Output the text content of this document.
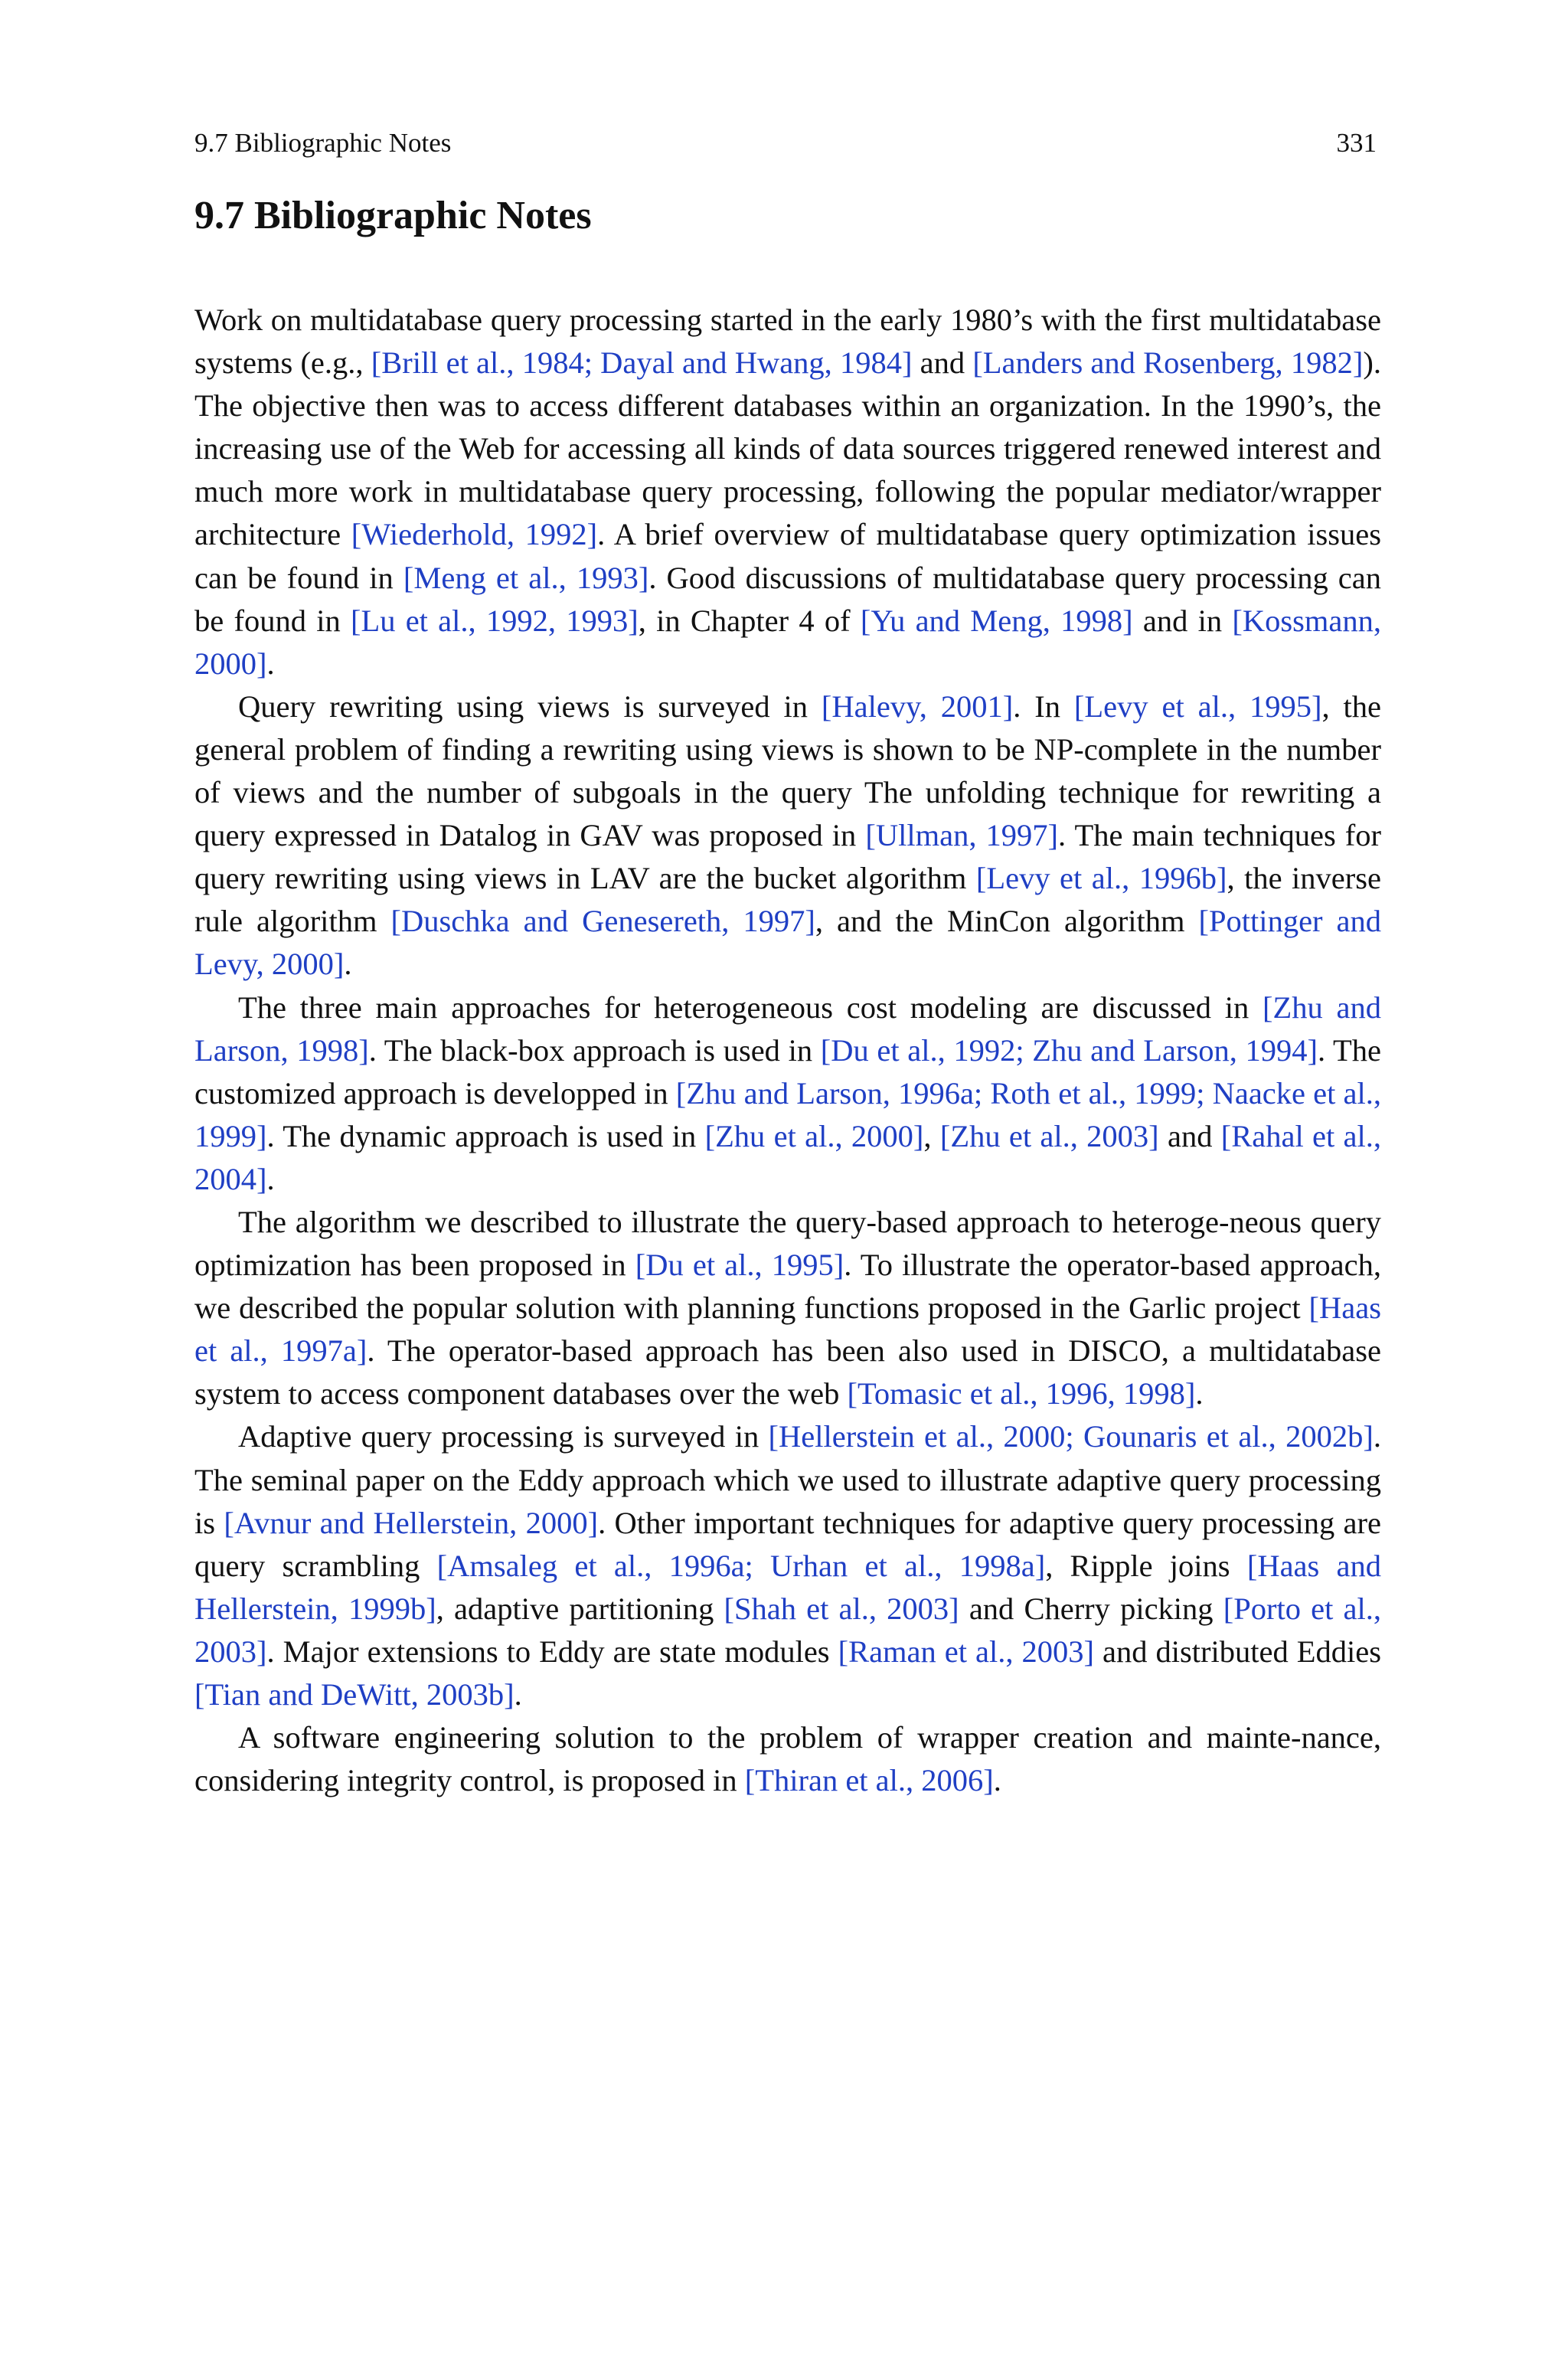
9.7 Bibliographic Notes	331
9.7 Bibliographic Notes

Work on multidatabase query processing started in the early 1980’s with the first multidatabase systems (e.g., [Brill et al., 1984; Dayal and Hwang, 1984] and [Landers and Rosenberg, 1982]). The objective then was to access different databases within an organization. In the 1990’s, the increasing use of the Web for accessing all kinds of data sources triggered renewed interest and much more work in multidatabase query processing, following the popular mediator/wrapper architecture [Wiederhold, 1992]. A brief overview of multidatabase query optimization issues can be found in [Meng et al., 1993]. Good discussions of multidatabase query processing can be found in [Lu et al., 1992, 1993], in Chapter 4 of [Yu and Meng, 1998] and in [Kossmann, 2000].

Query rewriting using views is surveyed in [Halevy, 2001]. In [Levy et al., 1995], the general problem of finding a rewriting using views is shown to be NP-complete in the number of views and the number of subgoals in the query The unfolding technique for rewriting a query expressed in Datalog in GAV was proposed in [Ullman, 1997]. The main techniques for query rewriting using views in LAV are the bucket algorithm [Levy et al., 1996b], the inverse rule algorithm [Duschka and Genesereth, 1997], and the MinCon algorithm [Pottinger and Levy, 2000].

The three main approaches for heterogeneous cost modeling are discussed in [Zhu and Larson, 1998]. The black-box approach is used in [Du et al., 1992; Zhu and Larson, 1994]. The customized approach is developped in [Zhu and Larson, 1996a; Roth et al., 1999; Naacke et al., 1999]. The dynamic approach is used in [Zhu et al., 2000], [Zhu et al., 2003] and [Rahal et al., 2004].

The algorithm we described to illustrate the query-based approach to heteroge-neous query optimization has been proposed in [Du et al., 1995]. To illustrate the operator-based approach, we described the popular solution with planning functions proposed in the Garlic project [Haas et al., 1997a]. The operator-based approach has been also used in DISCO, a multidatabase system to access component databases over the web [Tomasic et al., 1996, 1998].

Adaptive query processing is surveyed in [Hellerstein et al., 2000; Gounaris et al., 2002b]. The seminal paper on the Eddy approach which we used to illustrate adaptive query processing is [Avnur and Hellerstein, 2000]. Other important techniques for adaptive query processing are query scrambling [Amsaleg et al., 1996a; Urhan et al., 1998a], Ripple joins [Haas and Hellerstein, 1999b], adaptive partitioning [Shah et al., 2003] and Cherry picking [Porto et al., 2003]. Major extensions to Eddy are state modules [Raman et al., 2003] and distributed Eddies [Tian and DeWitt, 2003b].

A software engineering solution to the problem of wrapper creation and mainte-nance, considering integrity control, is proposed in [Thiran et al., 2006].
